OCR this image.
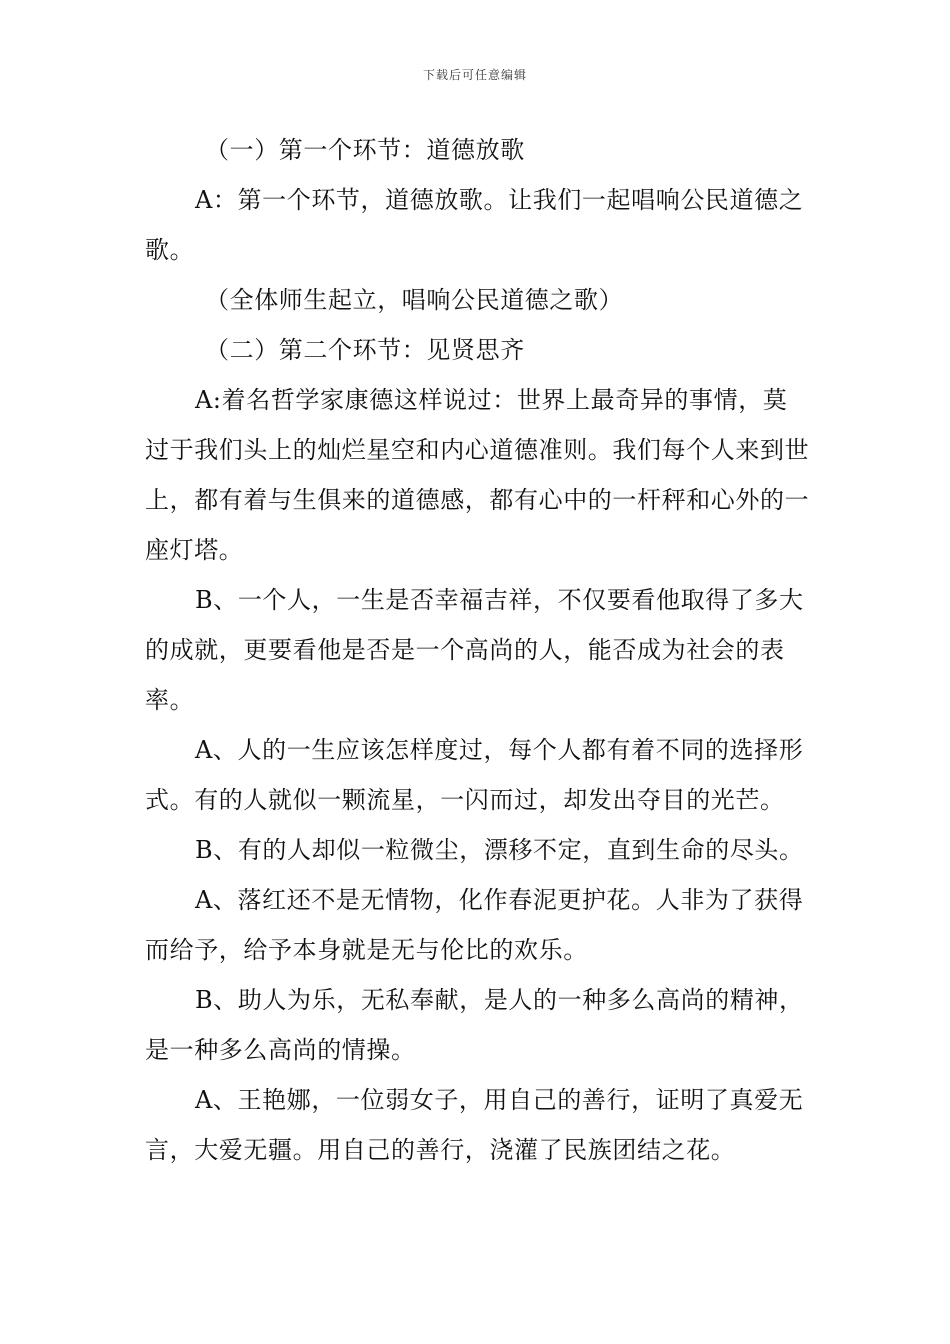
下载后可任意编辑

（一）第一个环节：道德放歌

A：第一个环节，道德放歌。让我们一起唱响公民道德之歌。

（全体师生起立，唱响公民道德之歌）

（二）第二个环节：见贤思齐

A:着名哲学家康德这样说过：世界上最奇异的事情，莫过于我们头上的灿烂星空和内心道德准则。我们每个人来到世上，都有着与生俱来的道德感，都有心中的一杆秤和心外的一座灯塔。

B、一个人，一生是否幸福吉祥，不仅要看他取得了多大的成就，更要看他是否是一个高尚的人，能否成为社会的表率。

A、人的一生应该怎样度过，每个人都有着不同的选择形式。有的人就似一颗流星，一闪而过，却发出夺目的光芒。

B、有的人却似一粒微尘，漂移不定，直到生命的尽头。

A、落红还不是无情物，化作春泥更护花。人非为了获得而给予，给予本身就是无与伦比的欢乐。

B、助人为乐，无私奉献，是人的一种多么高尚的精神，是一种多么高尚的情操。

A、王艳娜，一位弱女子，用自己的善行，证明了真爱无言，大爱无疆。用自己的善行，浇灌了民族团结之花。
